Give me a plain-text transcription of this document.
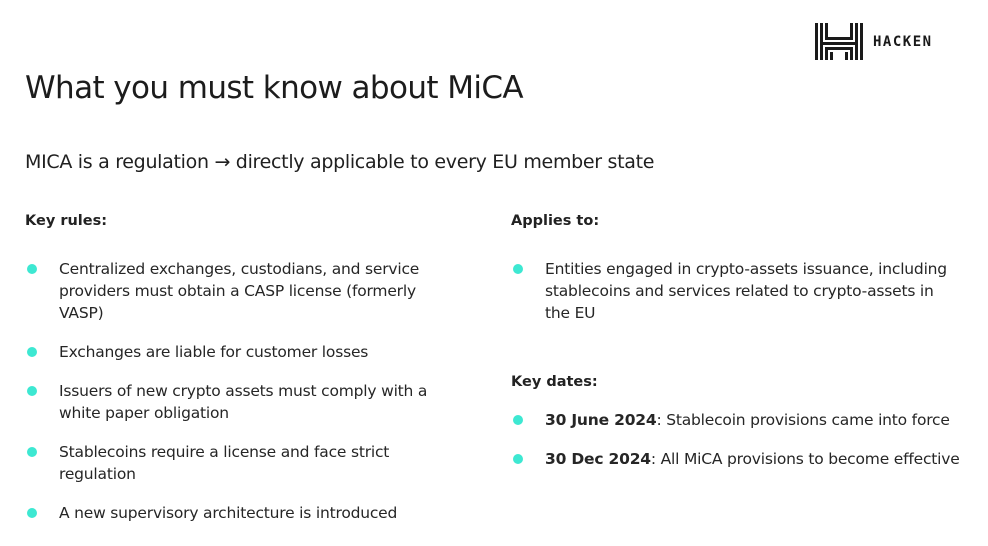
HACKEN
What you must know about MiCA
MICA is a regulation → directly applicable to every EU member state

Key rules:

Centralized exchanges, custodians, and service providers must obtain a CASP license (formerly VASP)
Exchanges are liable for customer losses
Issuers of new crypto assets must comply with a white paper obligation
Stablecoins require a license and face strict regulation
A new supervisory architecture is introduced

Applies to:

Entities engaged in crypto-assets issuance, including stablecoins and services related to crypto-assets in the EU

Key dates:

30 June 2024: Stablecoin provisions came into force
30 Dec 2024: All MiCA provisions to become effective
